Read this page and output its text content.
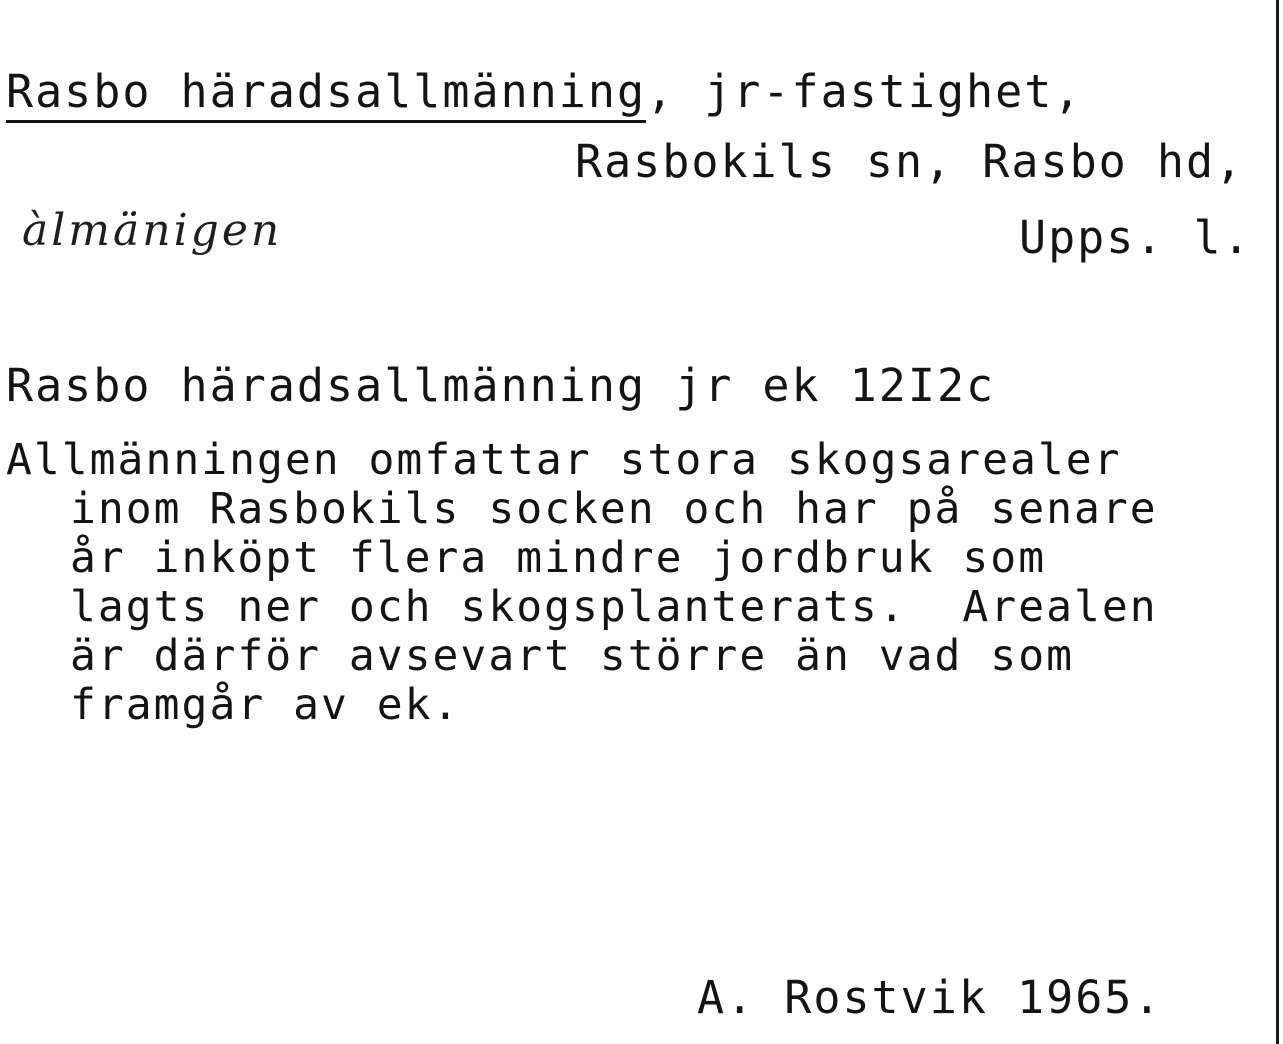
Rasbo häradsallmänning, jr-fastighet,
Rasbokils sn, Rasbo hd,
Upps. l.
àlmänigen
Rasbo häradsallmänning jr ek 12I2c
Allmänningen omfattar stora skogsarealer
inom Rasbokils socken och har på senare
år inköpt flera mindre jordbruk som
lagts ner och skogsplanterats.  Arealen
är därför avsevart större än vad som
framgår av ek.
A. Rostvik 1965.
